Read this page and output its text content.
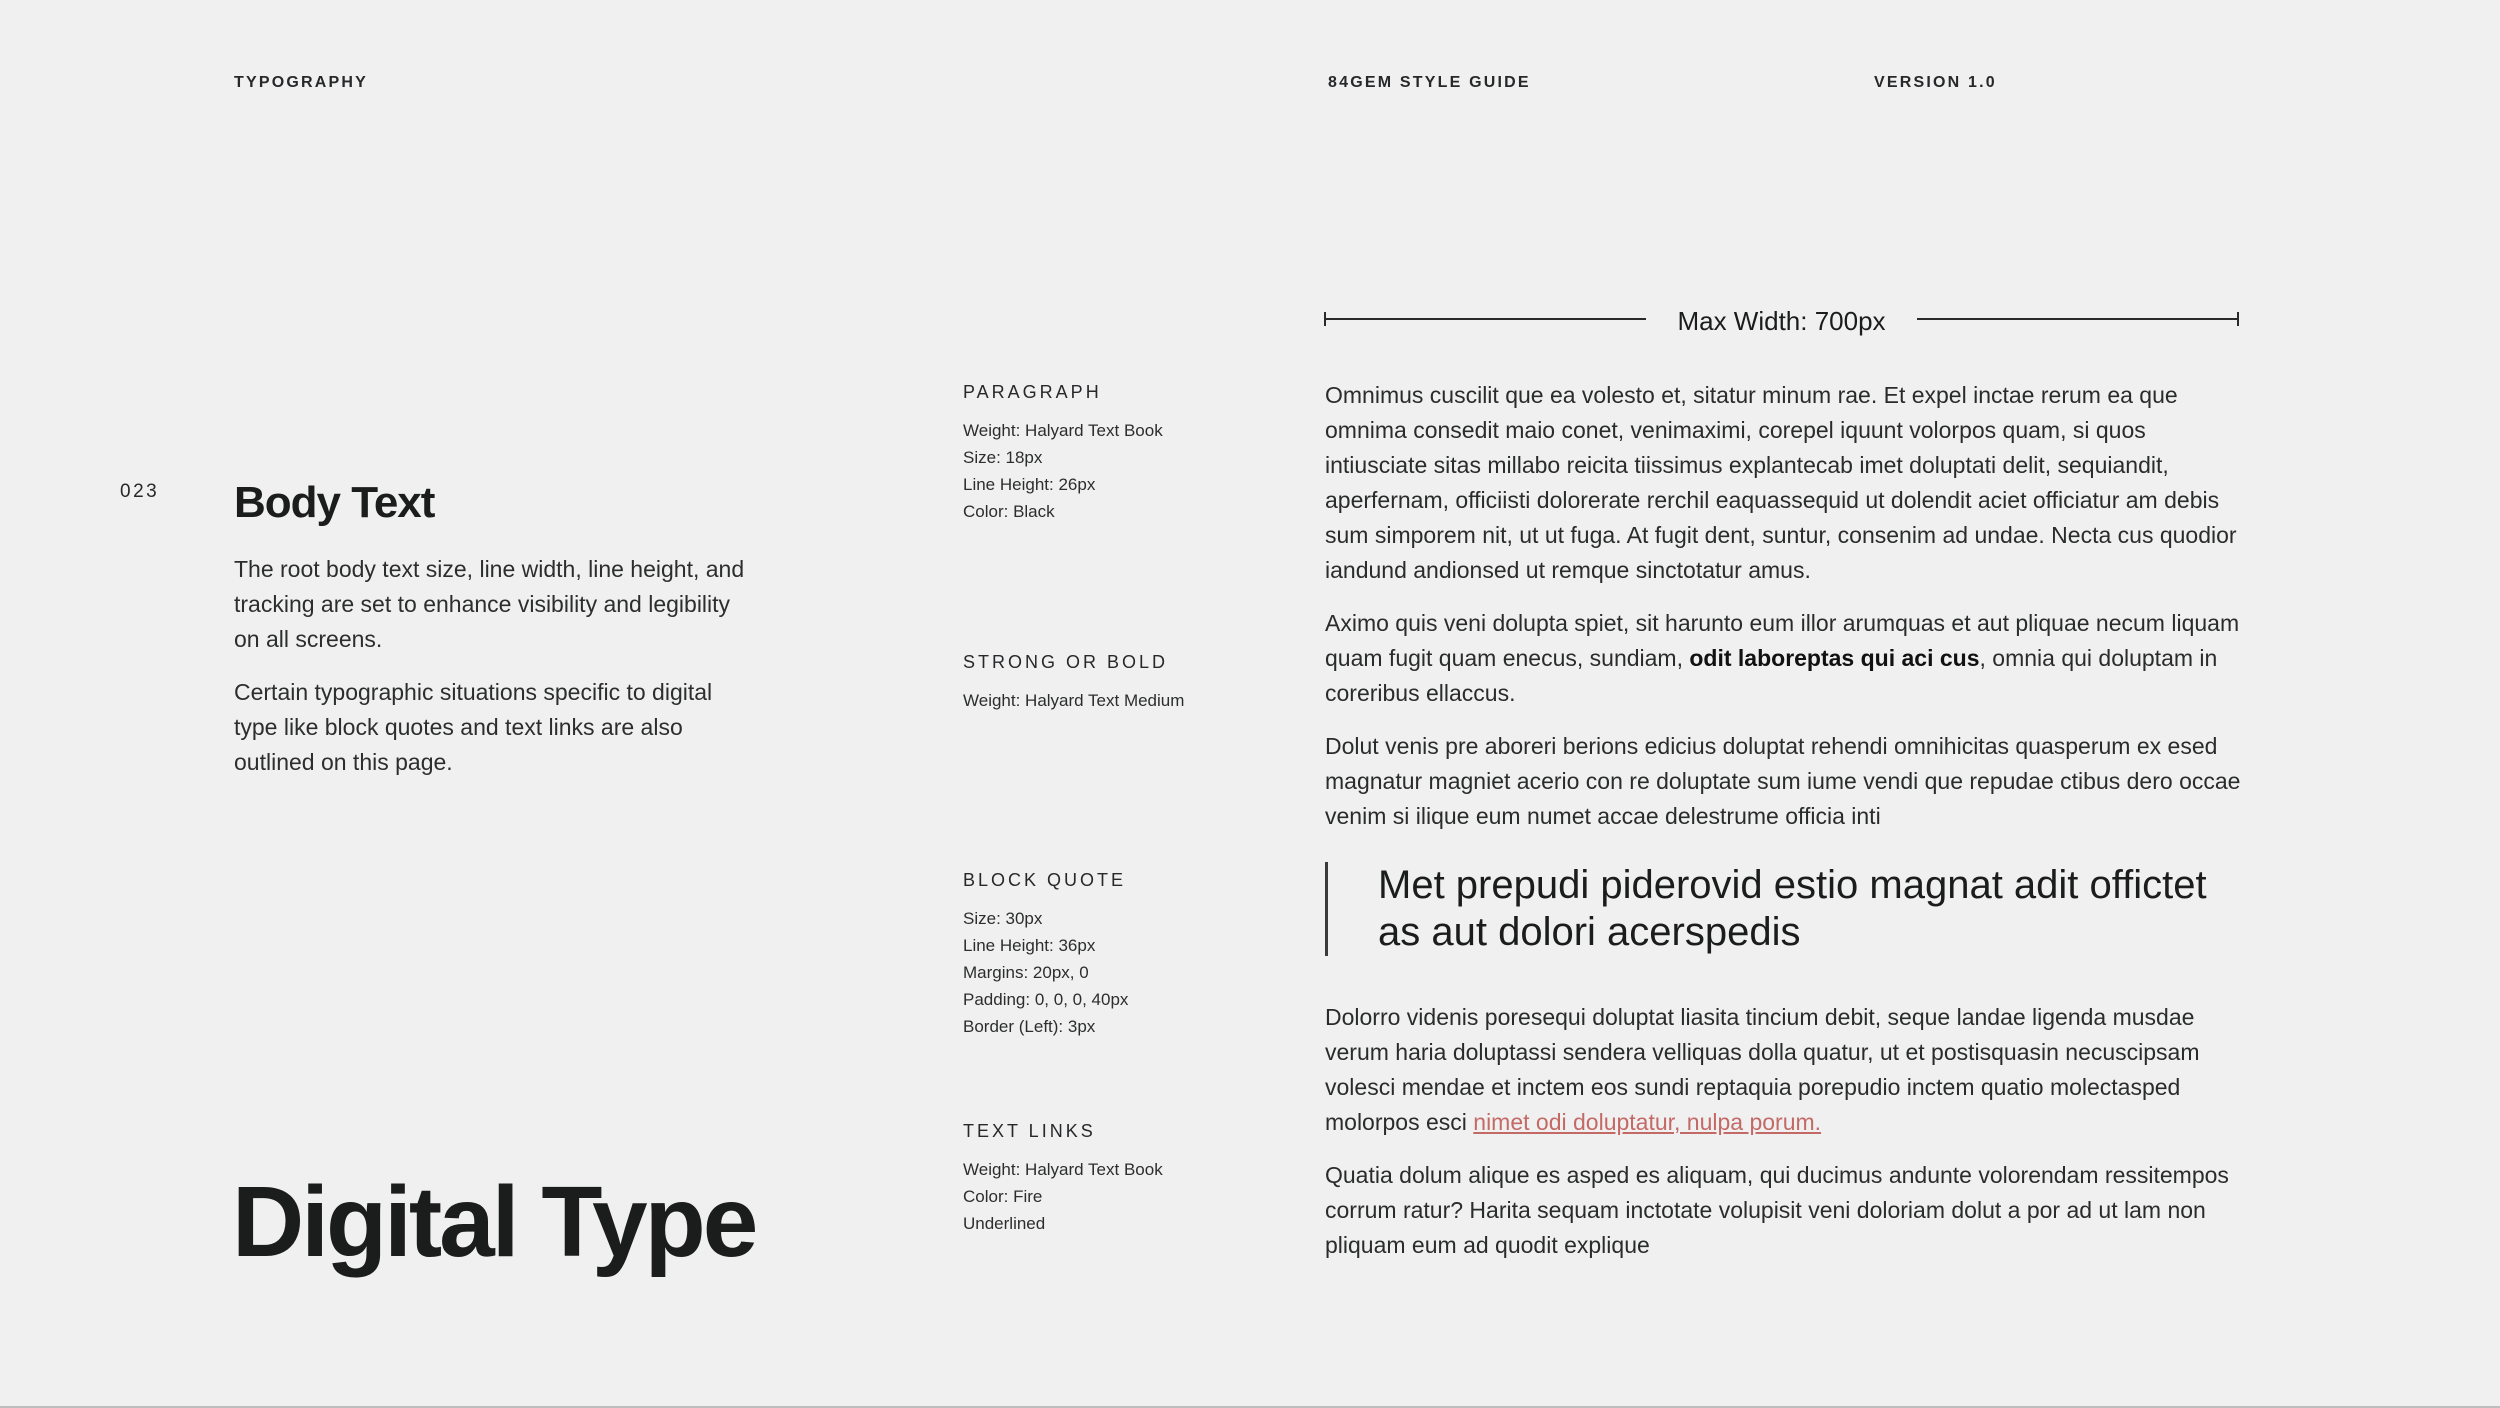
TYPOGRAPHY	84GEM STYLE GUIDE	VERSION 1.0
023 Body Text

The root body text size, line width, line height, and tracking are set to enhance visibility and legibility on all screens.

Certain typographic situations specific to digital type like block quotes and text links are also outlined on this page.

Digital Type
PARAGRAPH
Weight: Halyard Text Book
Size: 18px
Line Height: 26px
Color: Black
STRONG OR BOLD
Weight: Halyard Text Medium
BLOCK QUOTE
Size: 30px
Line Height: 36px
Margins: 20px, 0
Padding: 0, 0, 0, 40px
Border (Left): 3px
TEXT LINKS
Weight: Halyard Text Book
Color: Fire
Underlined
Max Width: 700px

Omnimus cuscilit que ea volesto et, sitatur minum rae. Et expel inctae rerum ea que omnima consedit maio conet, venimaximi, corepel iquunt volorpos quam, si quos intiusciate sitas millabo reicita tiissimus explantecab imet doluptati delit, sequiandit, aperfernam, officiisti dolorerate rerchil eaquassequid ut dolendit aciet officiatur am debis sum simporem nit, ut ut fuga. At fugit dent, suntur, consenim ad undae. Necta cus quodior iandund andionsed ut remque sinctotatur amus.

Aximo quis veni dolupta spiet, sit harunto eum illor arumquas et aut pliquae necum liquam quam fugit quam enecus, sundiam, odit laboreptas qui aci cus, omnia qui doluptam in coreribus ellaccus.

Dolut venis pre aboreri berions edicius doluptat rehendi omnihicitas quasperum ex esed magnatur magniet acerio con re doluptate sum iume vendi que repudae ctibus dero occae venim si ilique eum numet accae delestrume officia inti

Met prepudi piderovid estio magnat adit offictet as aut dolori acerspedis

Dolorro videnis poresequi doluptat liasita tincium debit, seque landae ligenda musdae verum haria doluptassi sendera velliquas dolla quatur, ut et postisquasin necuscipsam volesci mendae et inctem eos sundi reptaquia porepudio inctem quatio molectasped molorpos esci nimet odi doluptatur, nulpa porum.

Quatia dolum alique es asped es aliquam, qui ducimus andunte volorendam ressitempos corrum ratur? Harita sequam inctotate volupisit veni doloriam dolut a por ad ut lam non pliquam eum ad quodit explique
